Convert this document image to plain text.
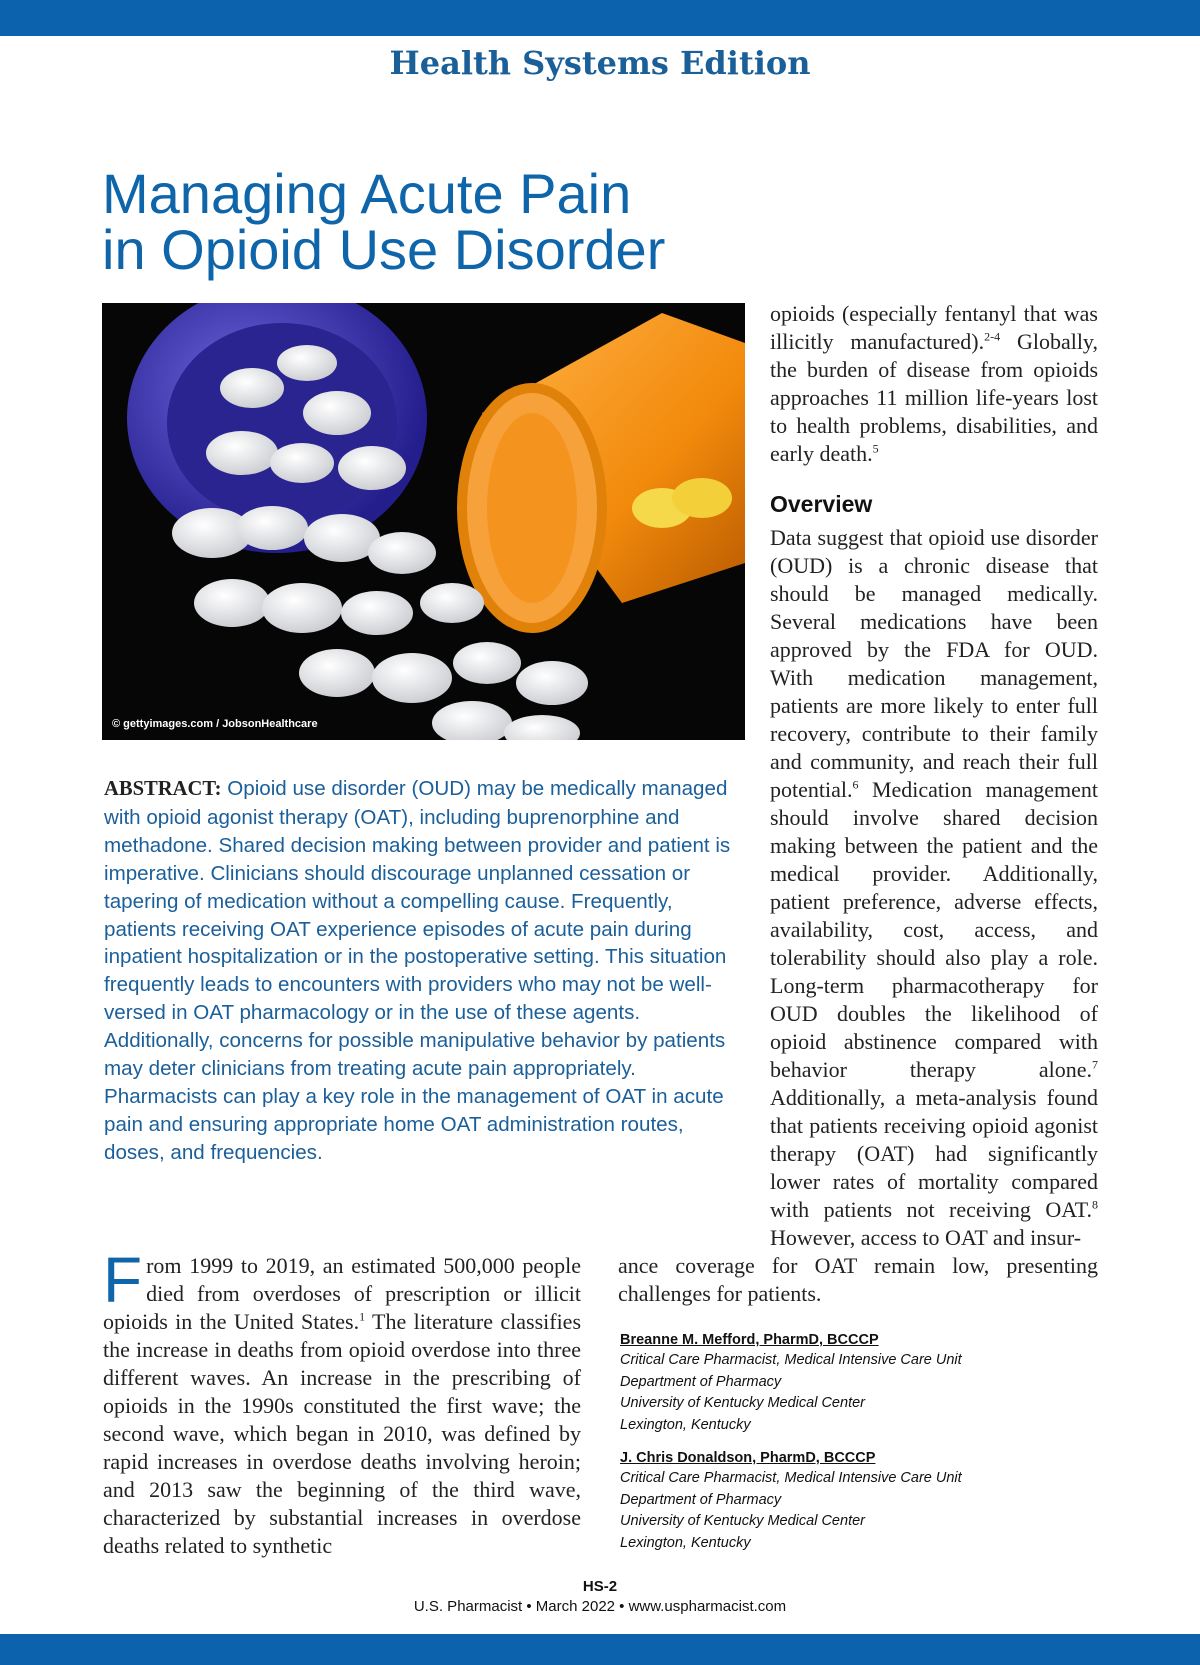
Health Systems Edition
Managing Acute Pain
in Opioid Use Disorder
© gettyimages.com / JobsonHealthcare

ABSTRACT: Opioid use disorder (OUD) may be medically managed with opioid agonist therapy (OAT), including buprenorphine and methadone. Shared decision making between provider and patient is imperative. Clinicians should discourage unplanned cessation or tapering of medication without a compelling cause. Frequently, patients receiving OAT experience episodes of acute pain during inpatient hospitalization or in the postoperative setting. This situation frequently leads to encounters with providers who may not be well-versed in OAT pharmacology or in the use of these agents. Additionally, concerns for possible manipulative behavior by patients may deter clinicians from treating acute pain appropriately. Pharmacists can play a key role in the management of OAT in acute pain and ensuring appropriate home OAT administration routes, doses, and frequencies.

opioids (especially fentanyl that was illicitly manufactured).$^{2-4}$ Globally, the burden of disease from opioids approaches 11 million life-years lost to health problems, disabilities, and early death.$^5$

Overview

Data suggest that opioid use disorder (OUD) is a chronic disease that should be managed medically. Several medications have been approved by the FDA for OUD. With medication management, patients are more likely to enter full recovery, contribute to their family and community, and reach their full potential.$^6$ Medication management should involve shared decision making between the patient and the medical provider. Additionally, patient preference, adverse effects, availability, cost, access, and tolerability should also play a role. Long-term pharmacotherapy for OUD doubles the likelihood of opioid abstinence compared with behavior therapy alone.$^7$ Additionally, a meta-analysis found that patients receiving opioid agonist therapy (OAT) had significantly lower rates of mortality compared with patients not receiving OAT.$^8$ However, access to OAT and insur-

ance coverage for OAT remain low, presenting challenges for patients.

From 1999 to 2019, an estimated 500,000 people died from overdoses of prescription or illicit opioids in the United States.$^1$ The literature classifies the increase in deaths from opioid overdose into three different waves. An increase in the prescribing of opioids in the 1990s constituted the first wave; the second wave, which began in 2010, was defined by rapid increases in overdose deaths involving heroin; and 2013 saw the beginning of the third wave, characterized by substantial increases in overdose deaths related to synthetic

Breanne M. Mefford, PharmD, BCCCP
Critical Care Pharmacist, Medical Intensive Care Unit
Department of Pharmacy
University of Kentucky Medical Center
Lexington, Kentucky
J. Chris Donaldson, PharmD, BCCCP
Critical Care Pharmacist, Medical Intensive Care Unit
Department of Pharmacy
University of Kentucky Medical Center
Lexington, Kentucky
HS-2
U.S. Pharmacist • March 2022 • www.uspharmacist.com
